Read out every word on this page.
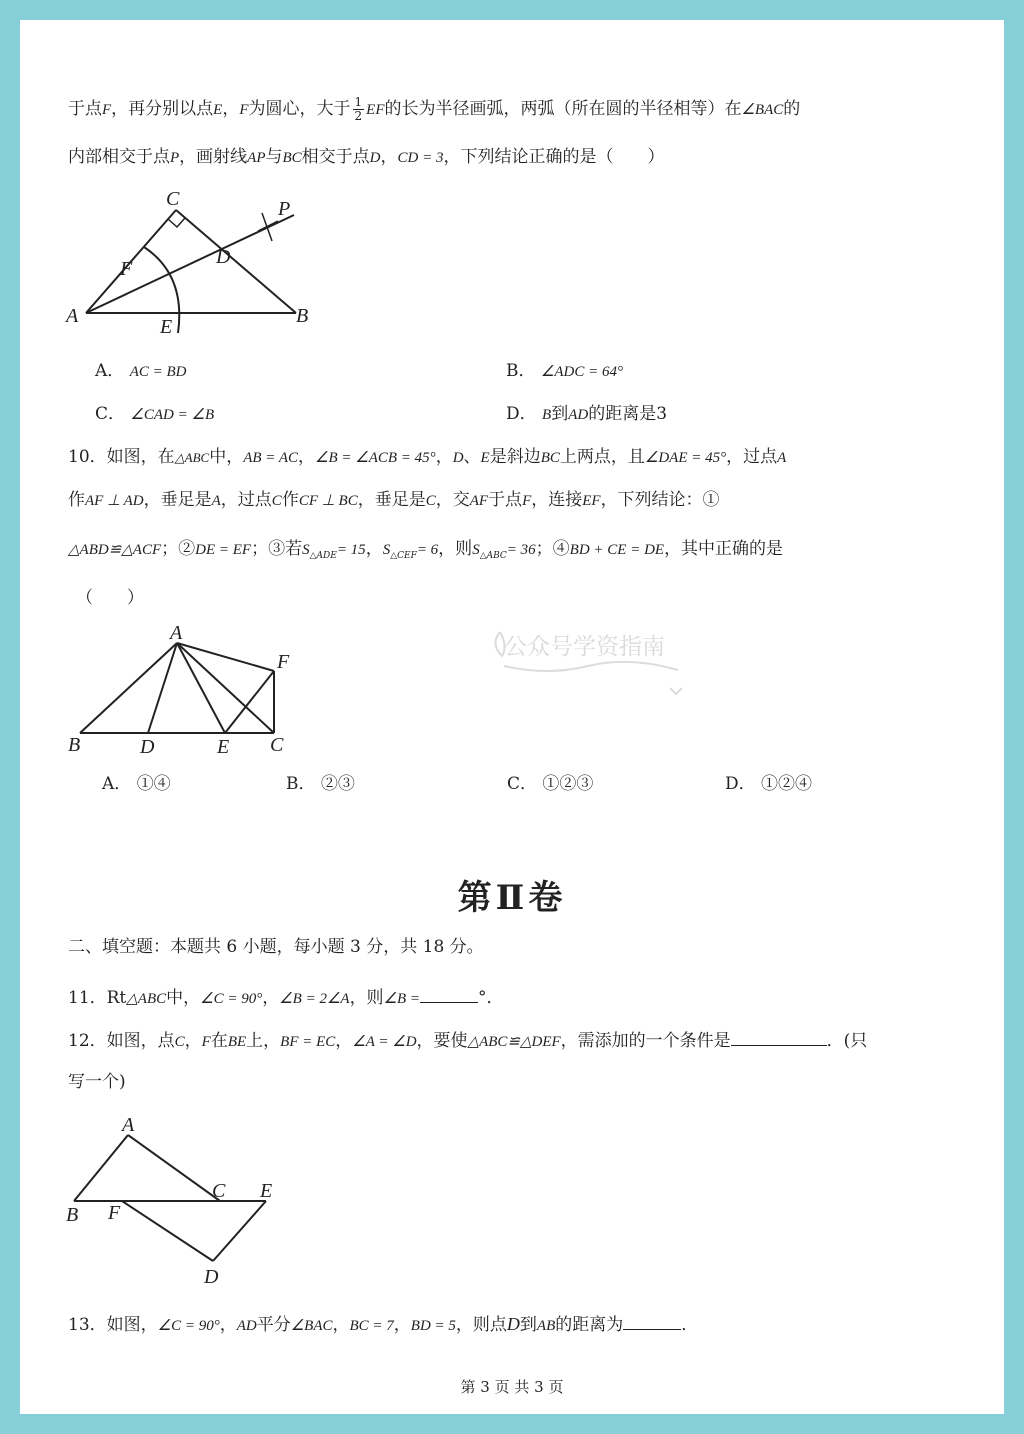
于点F，再分别以点E，F为圆心，大于 $\frac{1}{2}$ EF的长为半径画弧，两弧（所在圆的半径相等）在∠BAC的
内部相交于点P，画射线AP与BC相交于点D，CD = 3，下列结论正确的是（　　）
C	P
F
D
A	E	B
A． AC = BD	B． ∠ADC = 64°
C． ∠CAD = ∠B	D． B到AD的距离是3
10．如图，在△ABC中，AB = AC，∠B = ∠ACB = 45°，D、E是斜边BC上两点，且∠DAE = 45°，过点A
作AF ⊥ AD，垂足是A，过点C作CF ⊥ BC，垂足是C，交AF于点F，连接EF，下列结论：①
△ABD≌△ACF；②DE = EF；③若$S_{\triangle ADE}= 15$，$S_{\triangle CEF}= 6$，则$S_{\triangle ABC}= 36$；④BD + CE = DE，其中正确的是
（　　）
A
F
B	D	E C
公众号学资指南
A． ①④	B． ②③	C． ①②③	D． ①②④
第Ⅱ卷
二、填空题：本题共 6 小题，每小题 3 分，共 18 分。
11．Rt△ABC中，∠C = 90°，∠B = 2∠A，则∠B =	°．
12．如图，点C，F在BE上，BF = EC，∠A = ∠D，要使△ABC≌△DEF，需添加的一个条件是	．(只
写一个)
A
C E
B F
D
13．如图，∠C = 90°，AD平分∠BAC，BC = 7，BD = 5，则点D到AB的距离为	．
第 3 页 共 3 页
